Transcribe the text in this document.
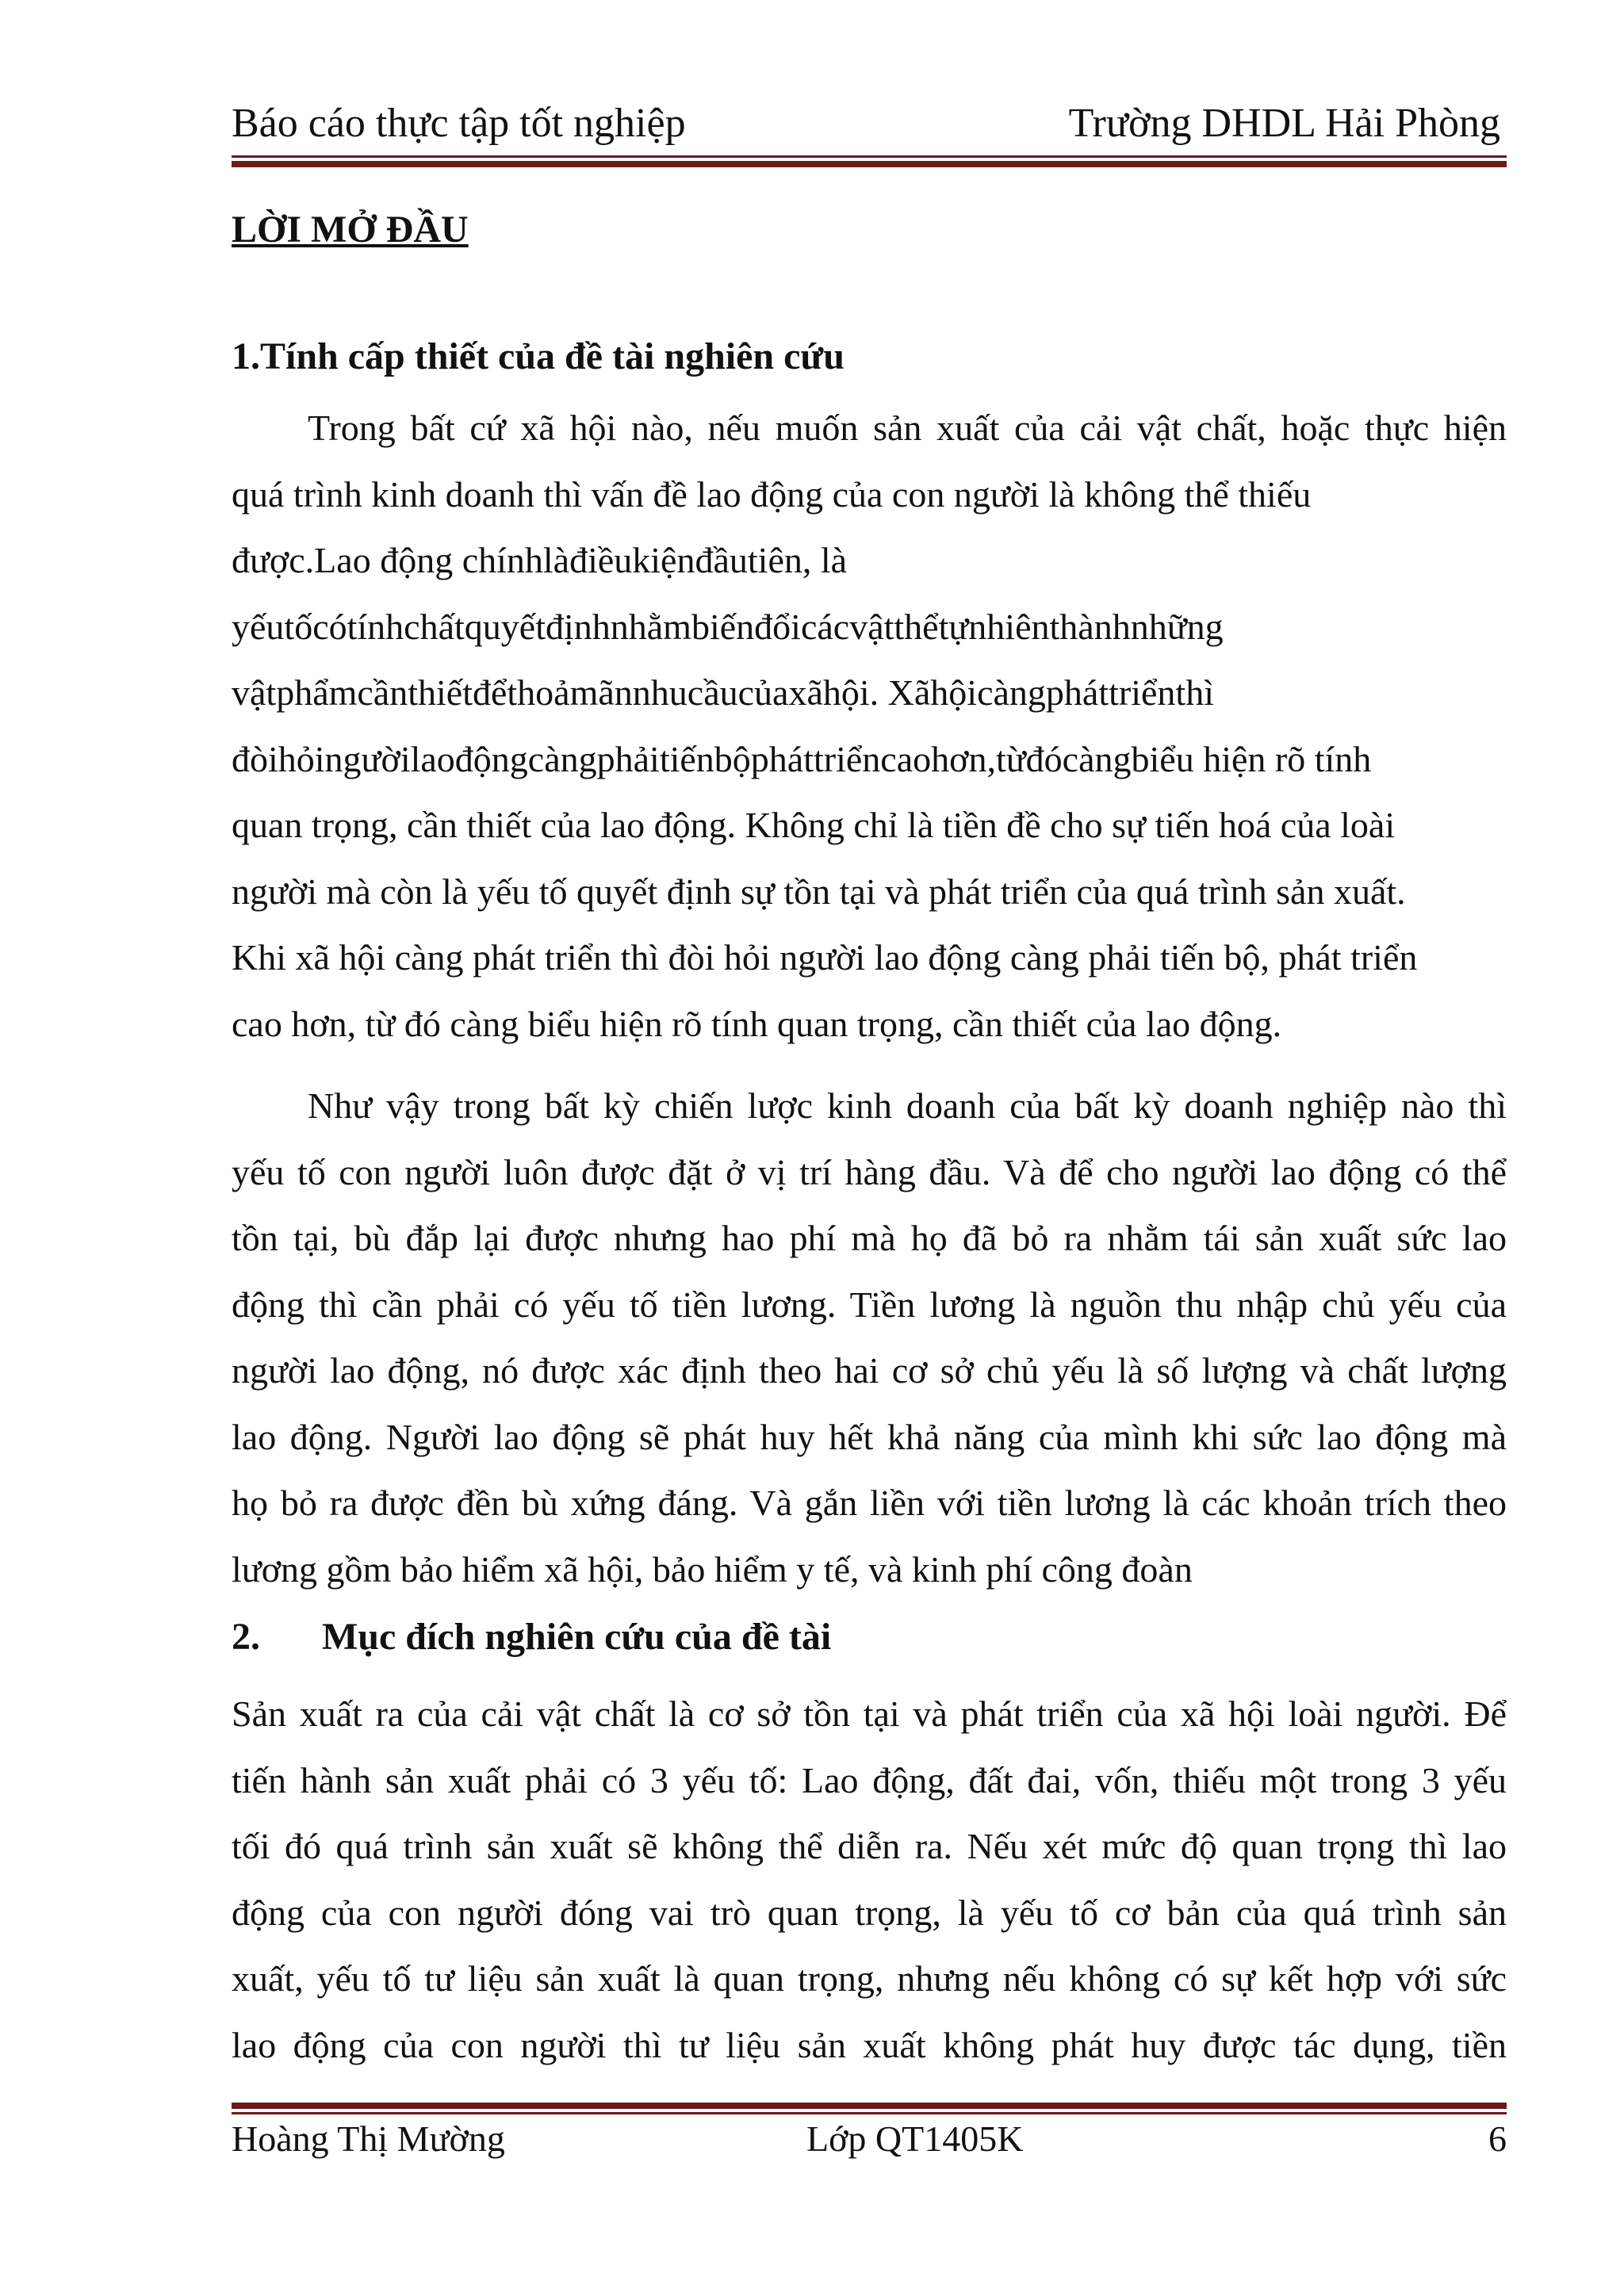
Báo cáo thực tập tốt nghiệp	Trường DHDL Hải Phòng
LỜI MỞ ĐẦU
1.Tính cấp thiết của đề tài nghiên cứu
Trong bất cứ xã hội nào, nếu muốn sản xuất của cải vật chất, hoặc thực hiện
quá trình kinh doanh thì vấn đề lao động của con người là không thể thiếu
được.Lao động chínhlàđiềukiệnđầutiên, là
yếutốcótínhchấtquyếtđịnhnhằmbiếnđổicácvậtthểtựnhiênthànhnhững
vậtphẩmcầnthiếtđểthoảmãnnhucầucủaxãhội. Xãhộicàngpháttriểnthì
đòihỏingườilaođộngcàngphảitiếnbộpháttriểncaohơn,từđócàngbiểu hiện rõ tính
quan trọng, cần thiết của lao động. Không chỉ là tiền đề cho sự tiến hoá của loài
người mà còn là yếu tố quyết định sự tồn tại và phát triển của quá trình sản xuất.
Khi xã hội càng phát triển thì đòi hỏi người lao động càng phải tiến bộ, phát triển
cao hơn, từ đó càng biểu hiện rõ tính quan trọng, cần thiết của lao động.
Như vậy trong bất kỳ chiến lược kinh doanh của bất kỳ doanh nghiệp nào thì
yếu tố con người luôn được đặt ở vị trí hàng đầu. Và để cho người lao động có thể
tồn tại, bù đắp lại được nhưng hao phí mà họ đã bỏ ra nhằm tái sản xuất sức lao
động thì cần phải có yếu tố tiền lương. Tiền lương là nguồn thu nhập chủ yếu của
người lao động, nó được xác định theo hai cơ sở chủ yếu là số lượng và chất lượng
lao động. Người lao động sẽ phát huy hết khả năng của mình khi sức lao động mà
họ bỏ ra được đền bù xứng đáng. Và gắn liền với tiền lương là các khoản trích theo
lương gồm bảo hiểm xã hội, bảo hiểm y tế, và kinh phí công đoàn
2. Mục đích nghiên cứu của đề tài
Sản xuất ra của cải vật chất là cơ sở tồn tại và phát triển của xã hội loài người. Để
tiến hành sản xuất phải có 3 yếu tố: Lao động, đất đai, vốn, thiếu một trong 3 yếu
tối đó quá trình sản xuất sẽ không thể diễn ra. Nếu xét mức độ quan trọng thì lao
động của con người đóng vai trò quan trọng, là yếu tố cơ bản của quá trình sản
xuất, yếu tố tư liệu sản xuất là quan trọng, nhưng nếu không có sự kết hợp với sức
lao động của con người thì tư liệu sản xuất không phát huy được tác dụng, tiền
Hoàng Thị Mường	Lớp QT1405K	6
